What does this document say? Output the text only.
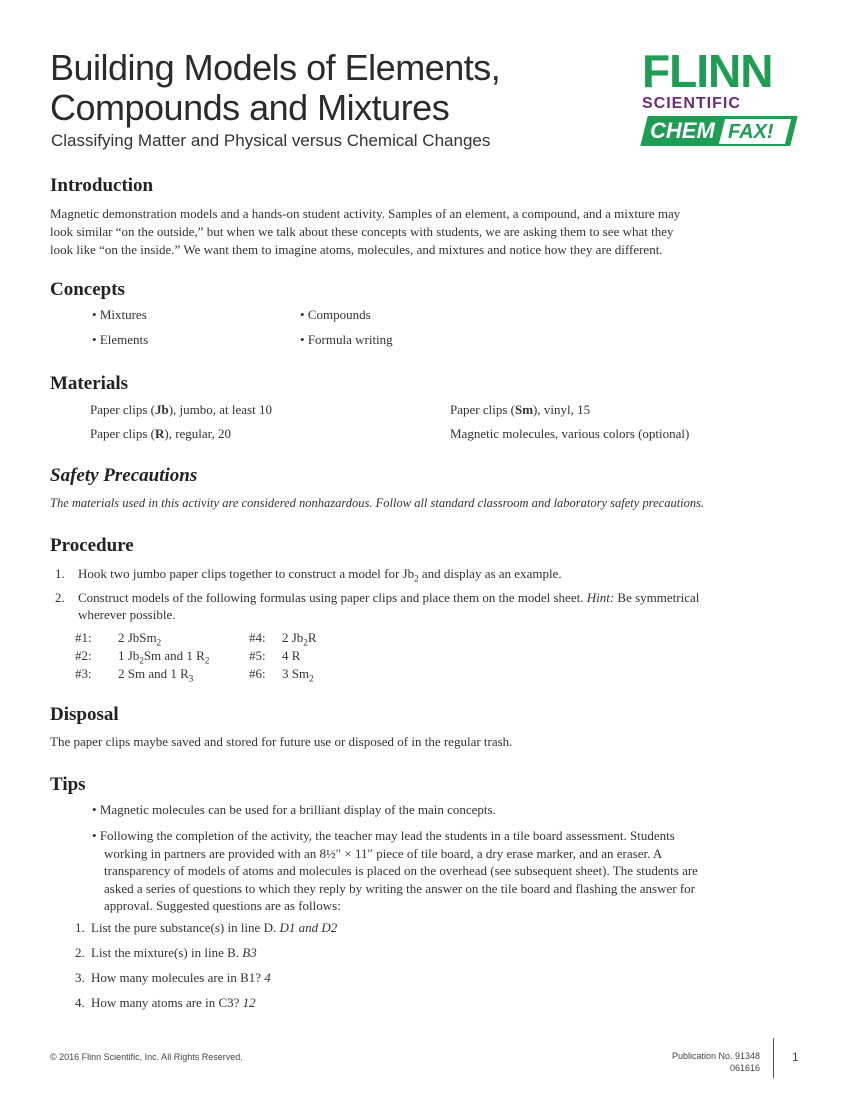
Building Models of Elements,
Compounds and Mixtures
Classifying Matter and Physical versus Chemical Changes
FLINN
SCIENTIFIC
CHEM FAX!
Introduction

Magnetic demonstration models and a hands-on student activity. Samples of an element, a compound, and a mixture may
look similar “on the outside,” but when we talk about these concepts with students, we are asking them to see what they
look like “on the inside.” We want them to imagine atoms, molecules, and mixtures and notice how they are different.

Concepts
• Mixtures	• Compounds
• Elements	• Formula writing
Materials
Paper clips (Jb), jumbo, at least 10	Paper clips (Sm), vinyl, 15
Paper clips (R), regular, 20	Magnetic molecules, various colors (optional)
Safety Precautions

The materials used in this activity are considered nonhazardous. Follow all standard classroom and laboratory safety precautions.

Procedure
1. Hook two jumbo paper clips together to construct a model for $Jb_2$ and display as an example.
2. Construct models of the following formulas using paper clips and place them on the model sheet. Hint: Be symmetrical
wherever possible.
#1: 2 JbSm$_2$	#4: 2 $Jb_2R$
#2: 1 $Jb_2Sm$ and 1 $R_2$	#5: 4 R
#3: 2 Sm and 1 $R_3$	#6: 3 $Sm_2$
Disposal

The paper clips maybe saved and stored for future use or disposed of in the regular trash.

Tips
• Magnetic molecules can be used for a brilliant display of the main concepts.
• Following the completion of the activity, the teacher may lead the students in a tile board assessment. Students
working in partners are provided with an 8½″ × 11″ piece of tile board, a dry erase marker, and an eraser. A
transparency of models of atoms and molecules is placed on the overhead (see subsequent sheet). The students are
asked a series of questions to which they reply by writing the answer on the tile board and flashing the answer for
approval. Suggested questions are as follows:
1. List the pure substance(s) in line D. D1 and D2
2. List the mixture(s) in line B. B3
3. How many molecules are in B1? 4
4. How many atoms are in C3? 12
© 2016 Flinn Scientific, Inc. All Rights Reserved.	Publication No. 91348
061616
1
